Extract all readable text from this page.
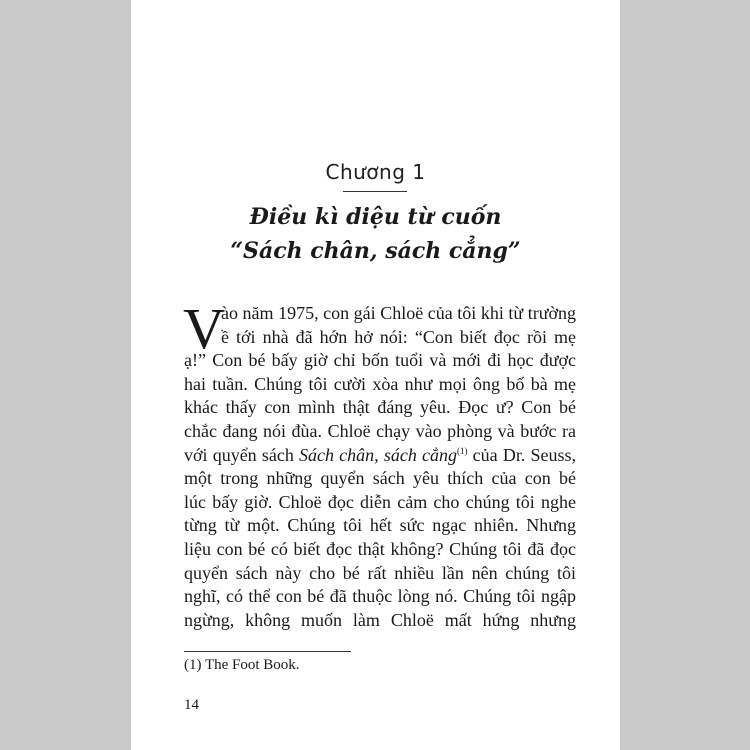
Chương 1
Điều kì diệu từ cuốn
“Sách chân, sách cẳng”
V
ào năm 1975, con gái Chloë của tôi khi từ trường
ề tới nhà đã hớn hở nói: “Con biết đọc rồi mẹ
ạ!” Con bé bấy giờ chỉ bốn tuổi và mới đi học được
hai tuần. Chúng tôi cười xòa như mọi ông bố bà mẹ
khác thấy con mình thật đáng yêu. Đọc ư? Con bé
chắc đang nói đùa. Chloë chạy vào phòng và bước ra
với quyển sách Sách chân, sách cẳng$^{(1)}$ của Dr. Seuss,
một trong những quyển sách yêu thích của con bé
lúc bấy giờ. Chloë đọc diễn cảm cho chúng tôi nghe
từng từ một. Chúng tôi hết sức ngạc nhiên. Nhưng
liệu con bé có biết đọc thật không? Chúng tôi đã đọc
quyển sách này cho bé rất nhiều lần nên chúng tôi
nghĩ, có thể con bé đã thuộc lòng nó. Chúng tôi ngập
ngừng, không muốn làm Chloë mất hứng nhưng
(1) The Foot Book.
14
